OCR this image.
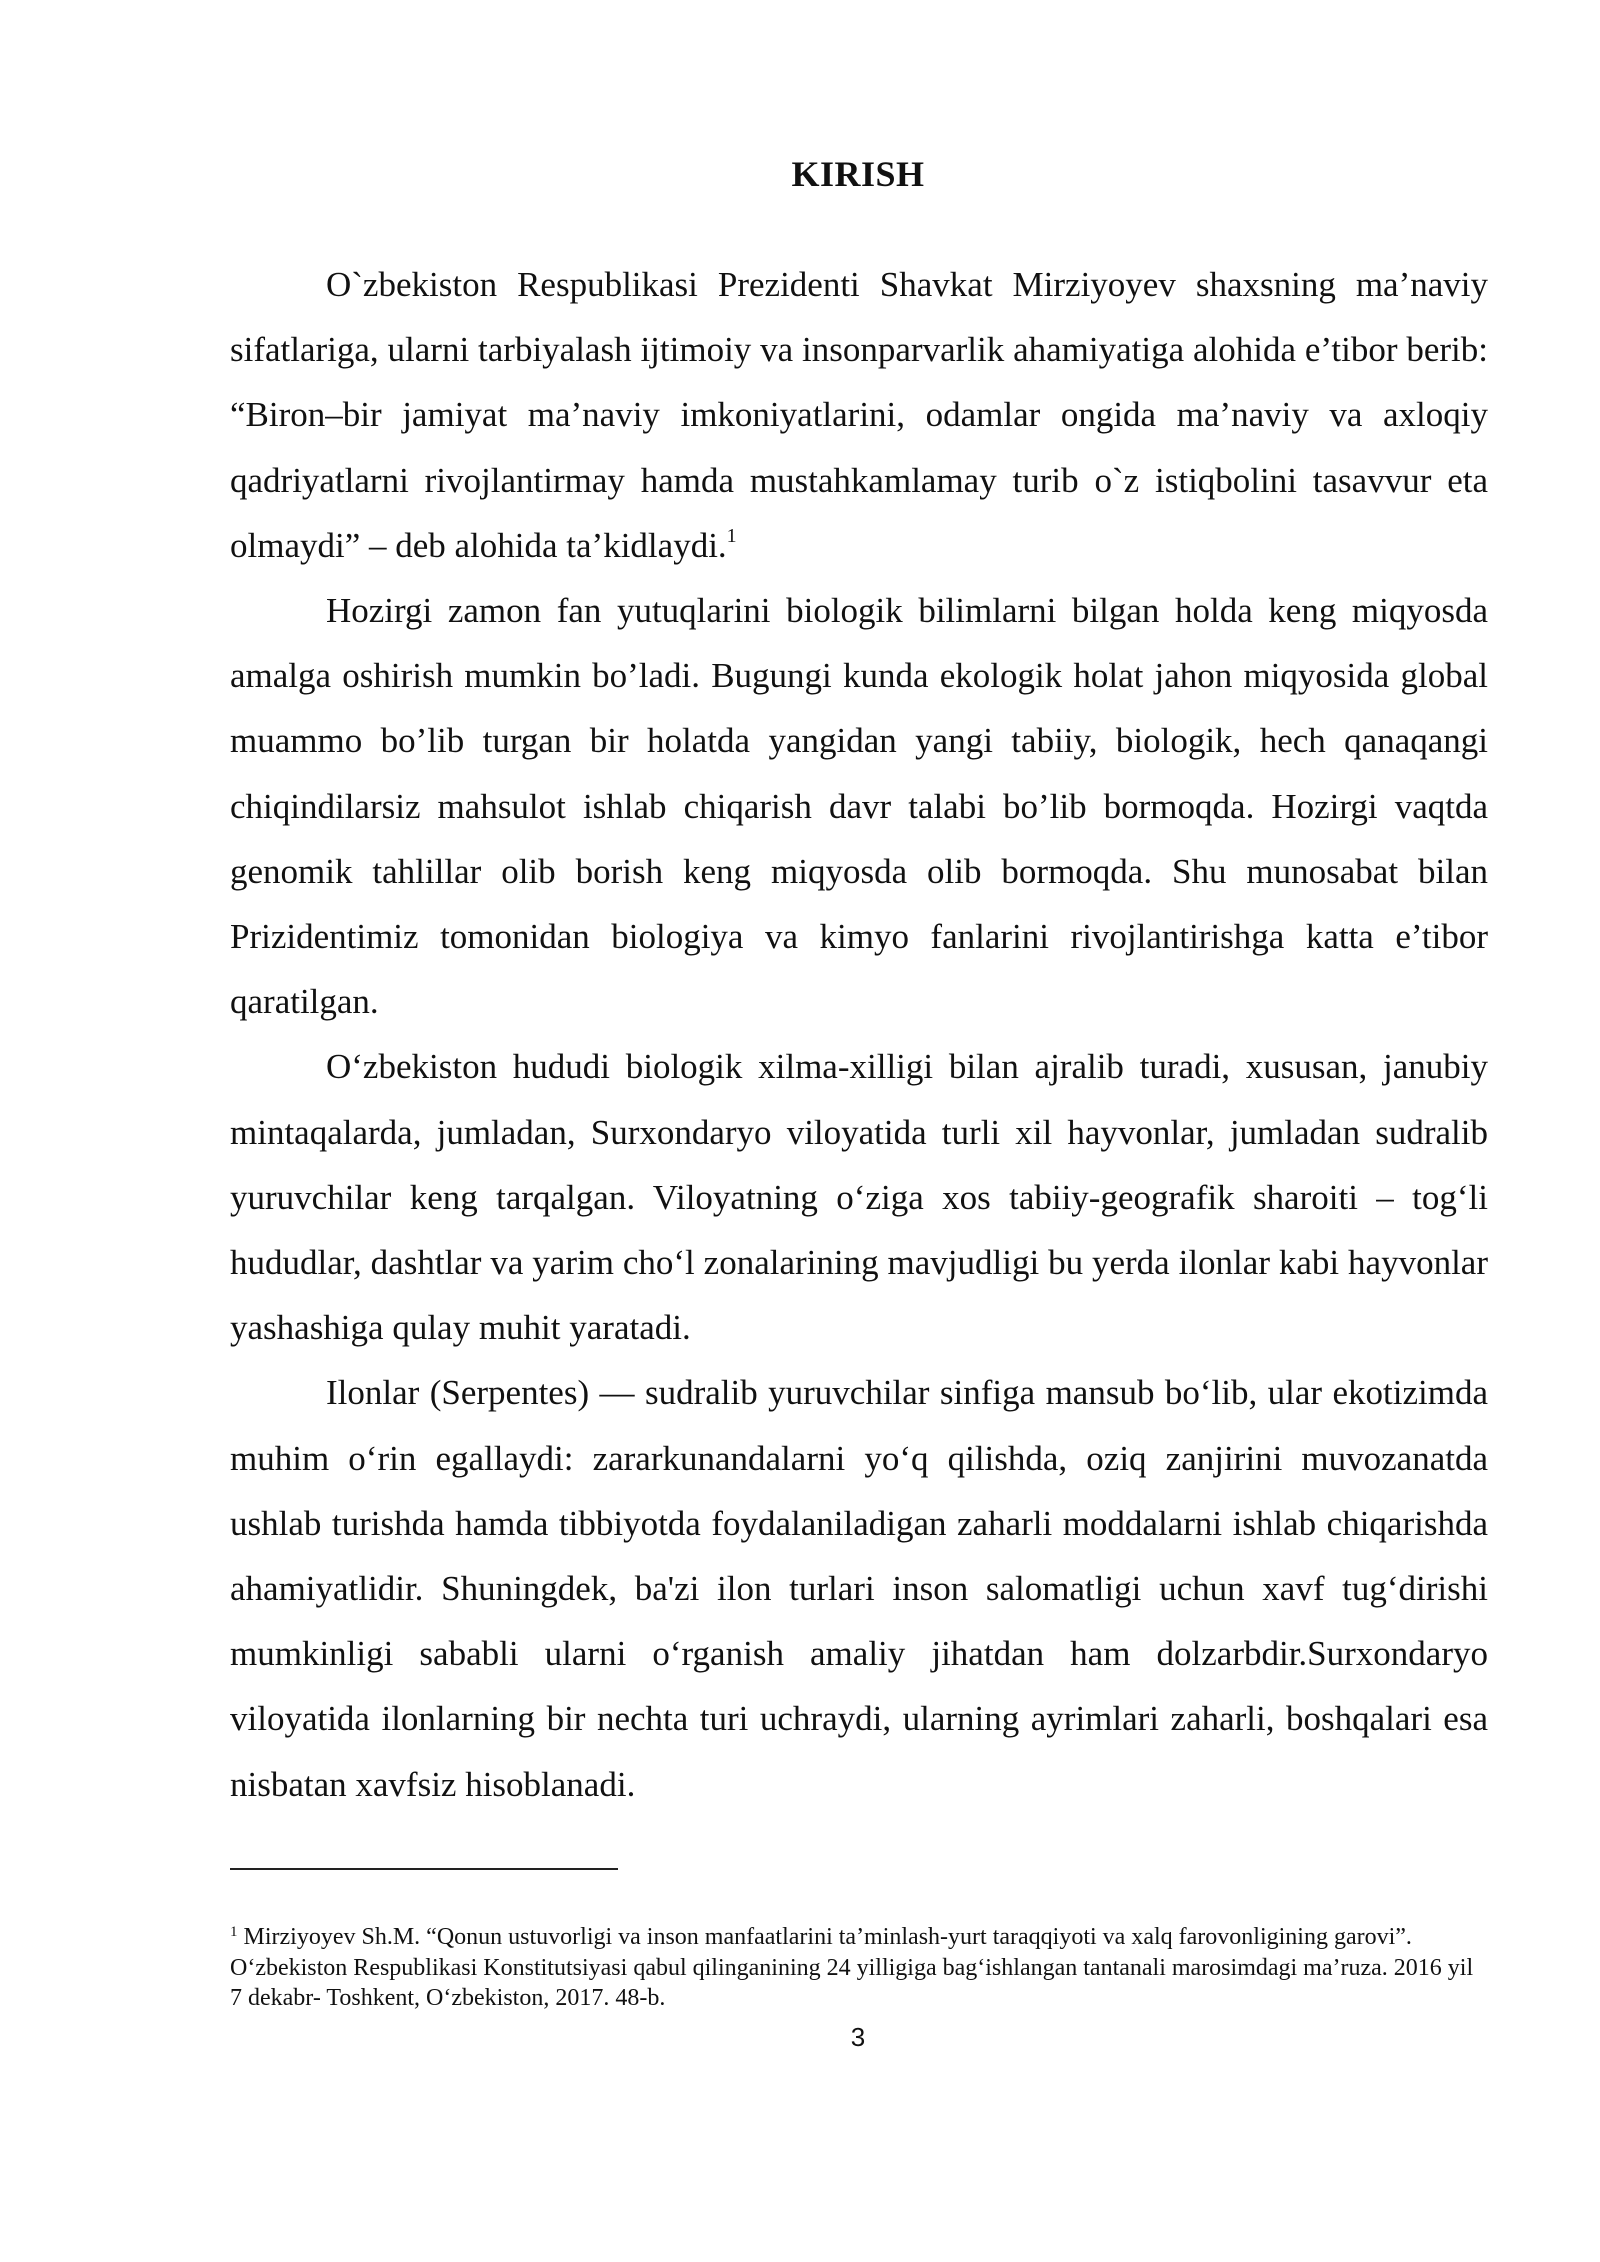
KIRISH

O`zbekiston Respublikasi Prezidenti Shavkat Mirziyoyev shaxsning ma’naviy sifatlariga, ularni tarbiyalash ijtimoiy va insonparvarlik ahamiyatiga alohida e’tibor berib: “Biron–bir jamiyat ma’naviy imkoniyatlarini, odamlar ongida ma’naviy va axloqiy qadriyatlarni rivojlantirmay hamda mustahkamlamay turib o`z istiqbolini tasavvur eta olmaydi” – deb alohida ta’kidlaydi.$^1$

Hozirgi zamon fan yutuqlarini biologik bilimlarni bilgan holda keng miqyosda amalga oshirish mumkin bo’ladi. Bugungi kunda ekologik holat jahon miqyosida global muammo bo’lib turgan bir holatda yangidan yangi tabiiy, biologik, hech qanaqangi chiqindilarsiz mahsulot ishlab chiqarish davr talabi bo’lib bormoqda. Hozirgi vaqtda genomik tahlillar olib borish keng miqyosda olib bormoqda. Shu munosabat bilan Prizidentimiz tomonidan biologiya va kimyo fanlarini rivojlantirishga katta e’tibor qaratilgan.

O‘zbekiston hududi biologik xilma-xilligi bilan ajralib turadi, xususan, janubiy mintaqalarda, jumladan, Surxondaryo viloyatida turli xil hayvonlar, jumladan sudralib yuruvchilar keng tarqalgan. Viloyatning o‘ziga xos tabiiy-geografik sharoiti – tog‘li hududlar, dashtlar va yarim cho‘l zonalarining mavjudligi bu yerda ilonlar kabi hayvonlar yashashiga qulay muhit yaratadi.

Ilonlar (Serpentes) — sudralib yuruvchilar sinfiga mansub bo‘lib, ular ekotizimda muhim o‘rin egallaydi: zararkunandalarni yo‘q qilishda, oziq zanjirini muvozanatda ushlab turishda hamda tibbiyotda foydalaniladigan zaharli moddalarni ishlab chiqarishda ahamiyatlidir. Shuningdek, ba'zi ilon turlari inson salomatligi uchun xavf tug‘dirishi mumkinligi sababli ularni o‘rganish amaliy jihatdan ham dolzarbdir.Surxondaryo viloyatida ilonlarning bir nechta turi uchraydi, ularning ayrimlari zaharli, boshqalari esa nisbatan xavfsiz hisoblanadi.

$^1$ Mirziyoyev Sh.M. “Qonun ustuvorligi va inson manfaatlarini ta’minlash-yurt taraqqiyoti va xalq farovonligining garovi”. O‘zbekiston Respublikasi Konstitutsiyasi qabul qilinganining 24 yilligiga bag‘ishlangan tantanali marosimdagi ma’ruza. 2016 yil 7 dekabr- Toshkent, O‘zbekiston, 2017. 48-b.

3
